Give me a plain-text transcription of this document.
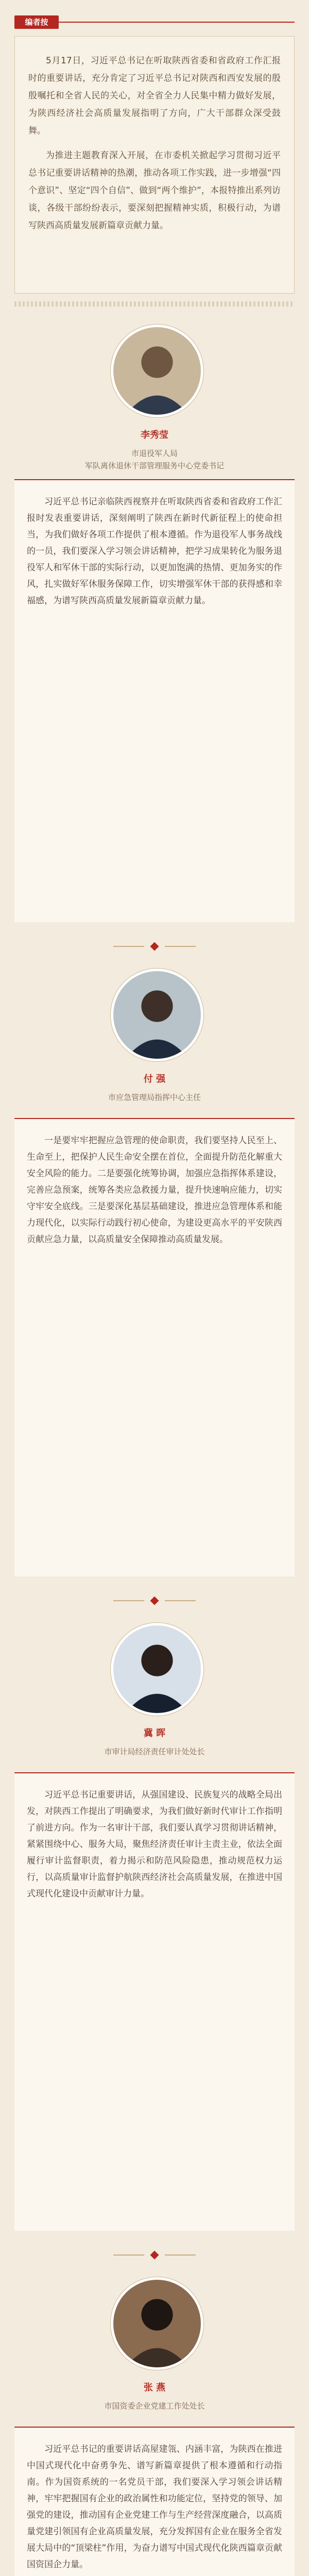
编者按

5月17日，习近平总书记在听取陕西省委和省政府工作汇报时的重要讲话，充分肯定了习近平总书记对陕西和西安发展的殷殷嘱托和全省人民的关心，对全省全力人民集中精力做好发展，为陕西经济社会高质量发展指明了方向，广大干部群众深受鼓舞。

为推进主题教育深入开展，在市委机关掀起学习贯彻习近平总书记重要讲话精神的热潮，推动各项工作实践，进一步增强“四个意识”、坚定“四个自信”、做到“两个维护”，本报特推出系列访谈，各级干部纷纷表示，要深刻把握精神实质，积极行动，为谱写陕西高质量发展新篇章贡献力量。

李秀莹
市退役军人局
军队离休退休干部管理服务中心党委书记

习近平总书记亲临陕西视察并在听取陕西省委和省政府工作汇报时发表重要讲话，深刻阐明了陕西在新时代新征程上的使命担当，为我们做好各项工作提供了根本遵循。作为退役军人事务战线的一员，我们要深入学习领会讲话精神，把学习成果转化为服务退役军人和军休干部的实际行动，以更加饱满的热情、更加务实的作风，扎实做好军休服务保障工作，切实增强军休干部的获得感和幸福感，为谱写陕西高质量发展新篇章贡献力量。

付 强
市应急管理局指挥中心主任

一是要牢牢把握应急管理的使命职责，我们要坚持人民至上、生命至上，把保护人民生命安全摆在首位，全面提升防范化解重大安全风险的能力。二是要强化统筹协调，加强应急指挥体系建设，完善应急预案，统筹各类应急救援力量，提升快速响应能力，切实守牢安全底线。三是要深化基层基础建设，推进应急管理体系和能力现代化，以实际行动践行初心使命，为建设更高水平的平安陕西贡献应急力量，以高质量安全保障推动高质量发展。

冀 晖
市审计局经济责任审计处处长

习近平总书记重要讲话，从强国建设、民族复兴的战略全局出发，对陕西工作提出了明确要求，为我们做好新时代审计工作指明了前进方向。作为一名审计干部，我们要认真学习贯彻讲话精神，紧紧围绕中心、服务大局，聚焦经济责任审计主责主业，依法全面履行审计监督职责，着力揭示和防范风险隐患，推动规范权力运行，以高质量审计监督护航陕西经济社会高质量发展，在推进中国式现代化建设中贡献审计力量。

张 燕
市国资委企业党建工作处处长

习近平总书记的重要讲话高屋建瓴、内涵丰富，为陕西在推进中国式现代化中奋勇争先、谱写新篇章提供了根本遵循和行动指南。作为国资系统的一名党员干部，我们要深入学习领会讲话精神，牢牢把握国有企业的政治属性和功能定位，坚持党的领导、加强党的建设，推动国有企业党建工作与生产经营深度融合，以高质量党建引领国有企业高质量发展，充分发挥国有企业在服务全省发展大局中的“顶梁柱”作用，为奋力谱写中国式现代化陕西篇章贡献国资国企力量。
